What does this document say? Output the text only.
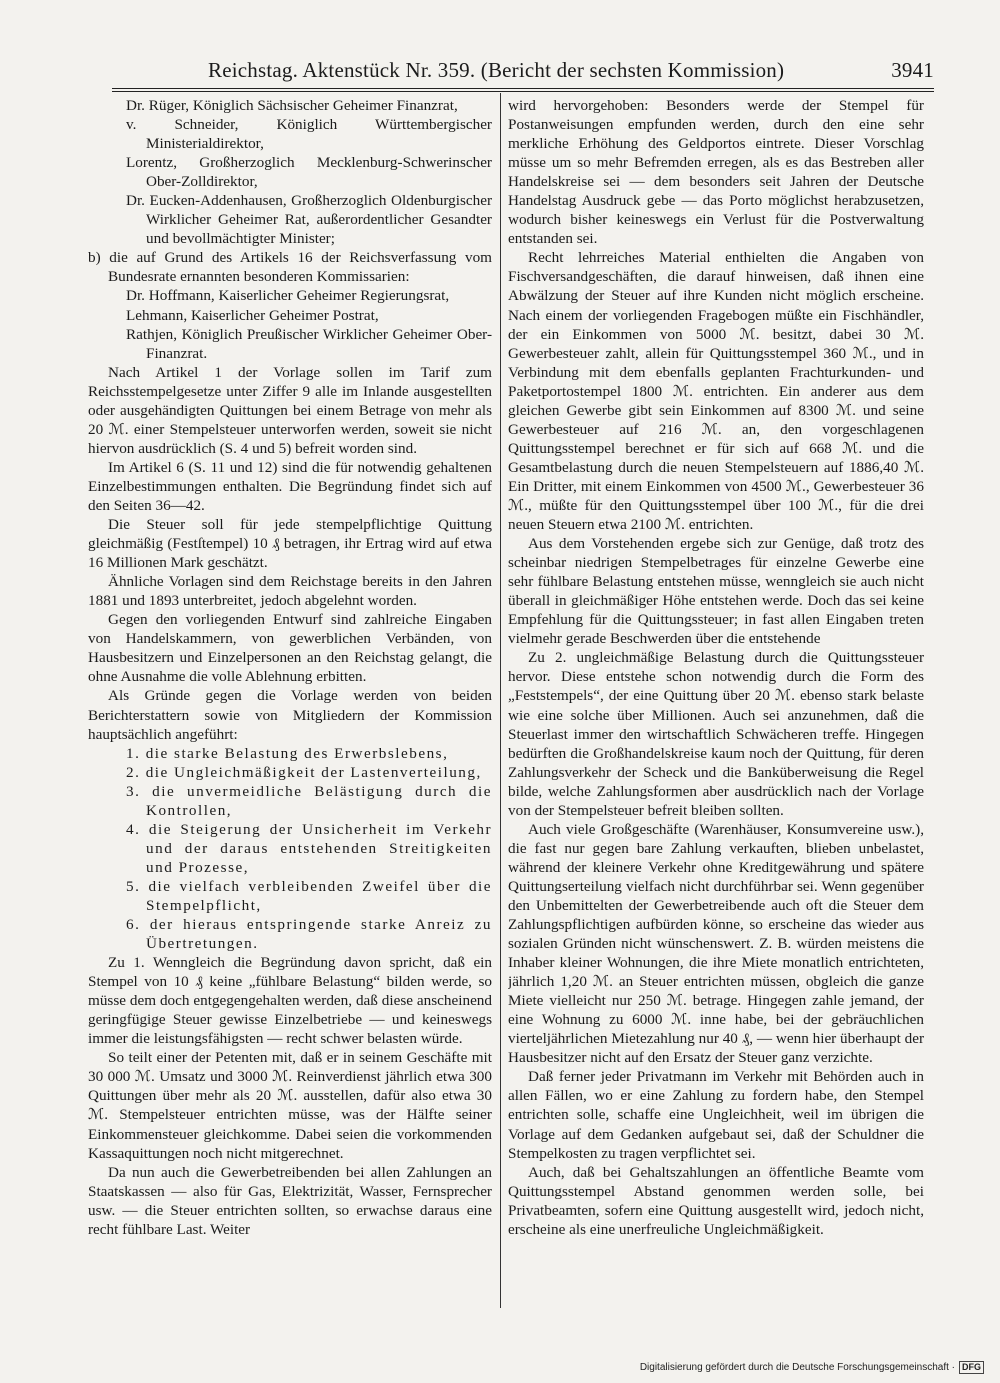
Reichstag. Aktenstück Nr. 359. (Bericht der sechsten Kommission)	3941

Dr. Rüger, Königlich Sächsischer Geheimer Finanzrat,

v. Schneider, Königlich Württembergischer Ministerialdirektor,

Lorentz, Großherzoglich Mecklenburg-Schwerinscher Ober-Zolldirektor,

Dr. Eucken-Addenhausen, Großherzoglich Oldenburgischer Wirklicher Geheimer Rat, außerordentlicher Gesandter und bevollmächtigter Minister;

b) die auf Grund des Artikels 16 der Reichsverfassung vom Bundesrate ernannten besonderen Kommissarien:

Dr. Hoffmann, Kaiserlicher Geheimer Regierungsrat,

Lehmann, Kaiserlicher Geheimer Postrat,

Rathjen, Königlich Preußischer Wirklicher Geheimer Ober-Finanzrat.

Nach Artikel 1 der Vorlage sollen im Tarif zum Reichsstempelgesetze unter Ziffer 9 alle im Inlande ausgestellten oder ausgehändigten Quittungen bei einem Betrage von mehr als 20 ℳ. einer Stempelsteuer unterworfen werden, soweit sie nicht hiervon ausdrücklich (S. 4 und 5) befreit worden sind.

Im Artikel 6 (S. 11 und 12) sind die für notwendig gehaltenen Einzelbestimmungen enthalten. Die Begründung findet sich auf den Seiten 36—42.

Die Steuer soll für jede stempelpflichtige Quittung gleichmäßig (Festſtempel) 10 ₰ betragen, ihr Ertrag wird auf etwa 16 Millionen Mark geschätzt.

Ähnliche Vorlagen sind dem Reichstage bereits in den Jahren 1881 und 1893 unterbreitet, jedoch abgelehnt worden.

Gegen den vorliegenden Entwurf sind zahlreiche Eingaben von Handelskammern, von gewerblichen Verbänden, von Hausbesitzern und Einzelpersonen an den Reichstag gelangt, die ohne Ausnahme die volle Ablehnung erbitten.

Als Gründe gegen die Vorlage werden von beiden Berichterstattern sowie von Mitgliedern der Kommission hauptsächlich angeführt:

1. die starke Belastung des Erwerbslebens,

2. die Ungleichmäßigkeit der Lastenverteilung,

3. die unvermeidliche Belästigung durch die Kontrollen,

4. die Steigerung der Unsicherheit im Verkehr und der daraus entstehenden Streitigkeiten und Prozesse,

5. die vielfach verbleibenden Zweifel über die Stempelpflicht,

6. der hieraus entspringende starke Anreiz zu Übertretungen.

Zu 1. Wenngleich die Begründung davon spricht, daß ein Stempel von 10 ₰ keine „fühlbare Belastung“ bilden werde, so müsse dem doch entgegengehalten werden, daß diese anscheinend geringfügige Steuer gewisse Einzelbetriebe — und keineswegs immer die leistungsfähigsten — recht schwer belasten würde.

So teilt einer der Petenten mit, daß er in seinem Geschäfte mit 30 000 ℳ. Umsatz und 3000 ℳ. Reinverdienst jährlich etwa 300 Quittungen über mehr als 20 ℳ. ausstellen, dafür also etwa 30 ℳ. Stempelsteuer entrichten müsse, was der Hälfte seiner Einkommensteuer gleichkomme. Dabei seien die vorkommenden Kassaquittungen noch nicht mitgerechnet.

Da nun auch die Gewerbetreibenden bei allen Zahlungen an Staatskassen — also für Gas, Elektrizität, Wasser, Fernsprecher usw. — die Steuer entrichten sollten, so erwachse daraus eine recht fühlbare Last. Weiter

wird hervorgehoben: Besonders werde der Stempel für Postanweisungen empfunden werden, durch den eine sehr merkliche Erhöhung des Geldportos eintrete. Dieser Vorschlag müsse um so mehr Befremden erregen, als es das Bestreben aller Handelskreise sei — dem besonders seit Jahren der Deutsche Handelstag Ausdruck gebe — das Porto möglichst herabzusetzen, wodurch bisher keineswegs ein Verlust für die Postverwaltung entstanden sei.

Recht lehrreiches Material enthielten die Angaben von Fischversandgeschäften, die darauf hinweisen, daß ihnen eine Abwälzung der Steuer auf ihre Kunden nicht möglich erscheine. Nach einem der vorliegenden Fragebogen müßte ein Fischhändler, der ein Einkommen von 5000 ℳ. besitzt, dabei 30 ℳ. Gewerbesteuer zahlt, allein für Quittungsstempel 360 ℳ., und in Verbindung mit dem ebenfalls geplanten Frachturkunden- und Paketportostempel 1800 ℳ. entrichten. Ein anderer aus dem gleichen Gewerbe gibt sein Einkommen auf 8300 ℳ. und seine Gewerbesteuer auf 216 ℳ. an, den vorgeschlagenen Quittungsstempel berechnet er für sich auf 668 ℳ. und die Gesamtbelastung durch die neuen Stempelsteuern auf 1886,40 ℳ. Ein Dritter, mit einem Einkommen von 4500 ℳ., Gewerbesteuer 36 ℳ., müßte für den Quittungsstempel über 100 ℳ., für die drei neuen Steuern etwa 2100 ℳ. entrichten.

Aus dem Vorstehenden ergebe sich zur Genüge, daß trotz des scheinbar niedrigen Stempelbetrages für einzelne Gewerbe eine sehr fühlbare Belastung entstehen müsse, wenngleich sie auch nicht überall in gleichmäßiger Höhe entstehen werde. Doch das sei keine Empfehlung für die Quittungssteuer; in fast allen Eingaben treten vielmehr gerade Beschwerden über die entstehende

Zu 2. ungleichmäßige Belastung durch die Quittungssteuer hervor. Diese entstehe schon notwendig durch die Form des „Feststempels“, der eine Quittung über 20 ℳ. ebenso stark belaste wie eine solche über Millionen. Auch sei anzunehmen, daß die Steuerlast immer den wirtschaftlich Schwächeren treffe. Hingegen bedürften die Großhandelskreise kaum noch der Quittung, für deren Zahlungsverkehr der Scheck und die Banküberweisung die Regel bilde, welche Zahlungsformen aber ausdrücklich nach der Vorlage von der Stempelsteuer befreit bleiben sollten.

Auch viele Großgeschäfte (Warenhäuser, Konsumvereine usw.), die fast nur gegen bare Zahlung verkauften, blieben unbelastet, während der kleinere Verkehr ohne Kreditgewährung und spätere Quittungserteilung vielfach nicht durchführbar sei. Wenn gegenüber den Unbemittelten der Gewerbetreibende auch oft die Steuer dem Zahlungspflichtigen aufbürden könne, so erscheine das wieder aus sozialen Gründen nicht wünschenswert. Z. B. würden meistens die Inhaber kleiner Wohnungen, die ihre Miete monatlich entrichteten, jährlich 1,20 ℳ. an Steuer entrichten müssen, obgleich die ganze Miete vielleicht nur 250 ℳ. betrage. Hingegen zahle jemand, der eine Wohnung zu 6000 ℳ. inne habe, bei der gebräuchlichen vierteljährlichen Mietezahlung nur 40 ₰, — wenn hier überhaupt der Hausbesitzer nicht auf den Ersatz der Steuer ganz verzichte.

Daß ferner jeder Privatmann im Verkehr mit Behörden auch in allen Fällen, wo er eine Zahlung zu fordern habe, den Stempel entrichten solle, schaffe eine Ungleichheit, weil im übrigen die Vorlage auf dem Gedanken aufgebaut sei, daß der Schuldner die Stempelkosten zu tragen verpflichtet sei.

Auch, daß bei Gehaltszahlungen an öffentliche Beamte vom Quittungsstempel Abstand genommen werden solle, bei Privatbeamten, sofern eine Quittung ausgestellt wird, jedoch nicht, erscheine als eine unerfreuliche Ungleichmäßigkeit.

Digitalisierung gefördert durch die Deutsche Forschungsgemeinschaft · DFG
